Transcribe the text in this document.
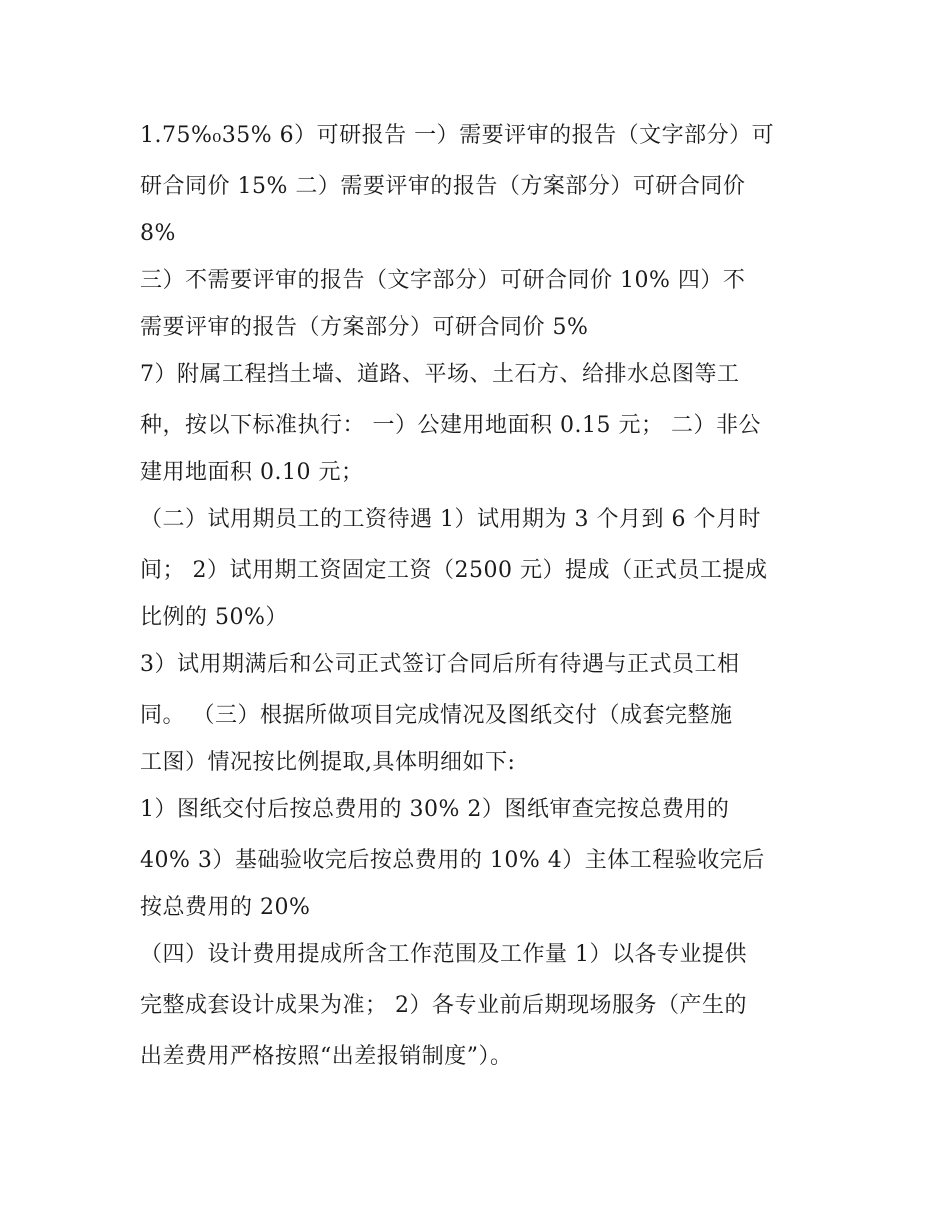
1.75%₀35% 6）可研报告 一）需要评审的报告（文字部分）可
研合同价 15% 二）需要评审的报告（方案部分）可研合同价
8%
三）不需要评审的报告（文字部分）可研合同价 10% 四）不
需要评审的报告（方案部分）可研合同价 5%
7）附属工程挡土墙、道路、平场、土石方、给排水总图等工
种，按以下标准执行： 一）公建用地面积 0.15 元； 二）非公
建用地面积 0.10 元；
（二）试用期员工的工资待遇 1）试用期为 3 个月到 6 个月时
间； 2）试用期工资固定工资（2500 元）提成（正式员工提成
比例的 50%）
3）试用期满后和公司正式签订合同后所有待遇与正式员工相
同。 （三）根据所做项目完成情况及图纸交付（成套完整施
工图）情况按比例提取,具体明细如下:
1）图纸交付后按总费用的 30% 2）图纸审查完按总费用的
40% 3）基础验收完后按总费用的 10% 4）主体工程验收完后
按总费用的 20%
（四）设计费用提成所含工作范围及工作量 1）以各专业提供
完整成套设计成果为准； 2）各专业前后期现场服务（产生的
出差费用严格按照“出差报销制度”）。
